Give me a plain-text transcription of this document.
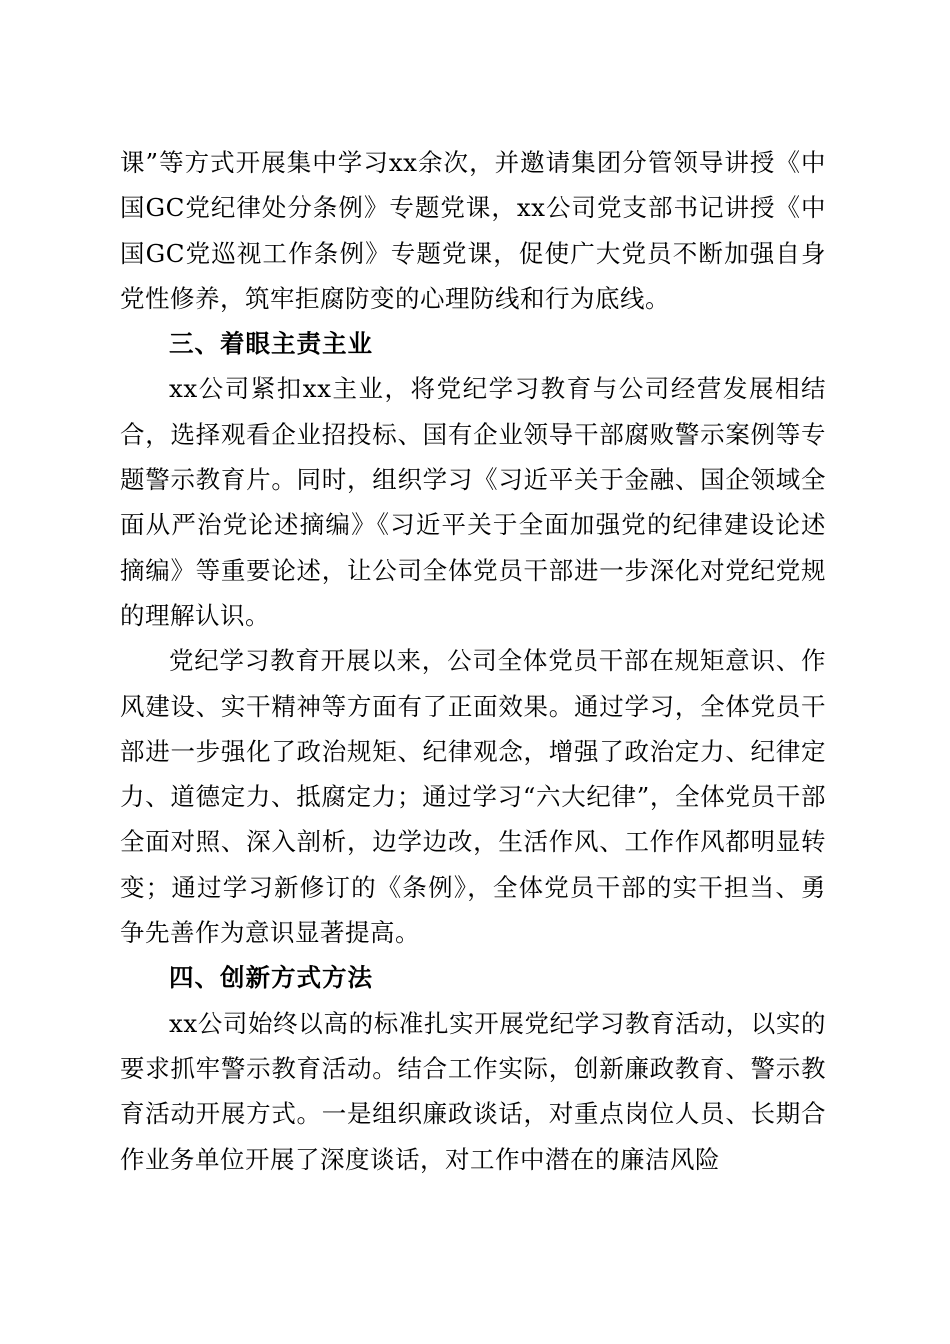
课”等方式开展集中学习xx余次，并邀请集团分管领导讲授《中国GC党纪律处分条例》专题党课，xx公司党支部书记讲授《中国GC党巡视工作条例》专题党课，促使广大党员不断加强自身党性修养，筑牢拒腐防变的心理防线和行为底线。

三、着眼主责主业

xx公司紧扣xx主业，将党纪学习教育与公司经营发展相结合，选择观看企业招投标、国有企业领导干部腐败警示案例等专题警示教育片。同时，组织学习《习近平关于金融、国企领域全面从严治党论述摘编》《习近平关于全面加强党的纪律建设论述摘编》等重要论述，让公司全体党员干部进一步深化对党纪党规的理解认识。

党纪学习教育开展以来，公司全体党员干部在规矩意识、作风建设、实干精神等方面有了正面效果。通过学习，全体党员干部进一步强化了政治规矩、纪律观念，增强了政治定力、纪律定力、道德定力、抵腐定力；通过学习“六大纪律”，全体党员干部全面对照、深入剖析，边学边改，生活作风、工作作风都明显转变；通过学习新修订的《条例》，全体党员干部的实干担当、勇争先善作为意识显著提高。

四、创新方式方法

xx公司始终以高的标准扎实开展党纪学习教育活动，以实的要求抓牢警示教育活动。结合工作实际，创新廉政教育、警示教育活动开展方式。一是组织廉政谈话，对重点岗位人员、长期合作业务单位开展了深度谈话，对工作中潜在的廉洁风险
